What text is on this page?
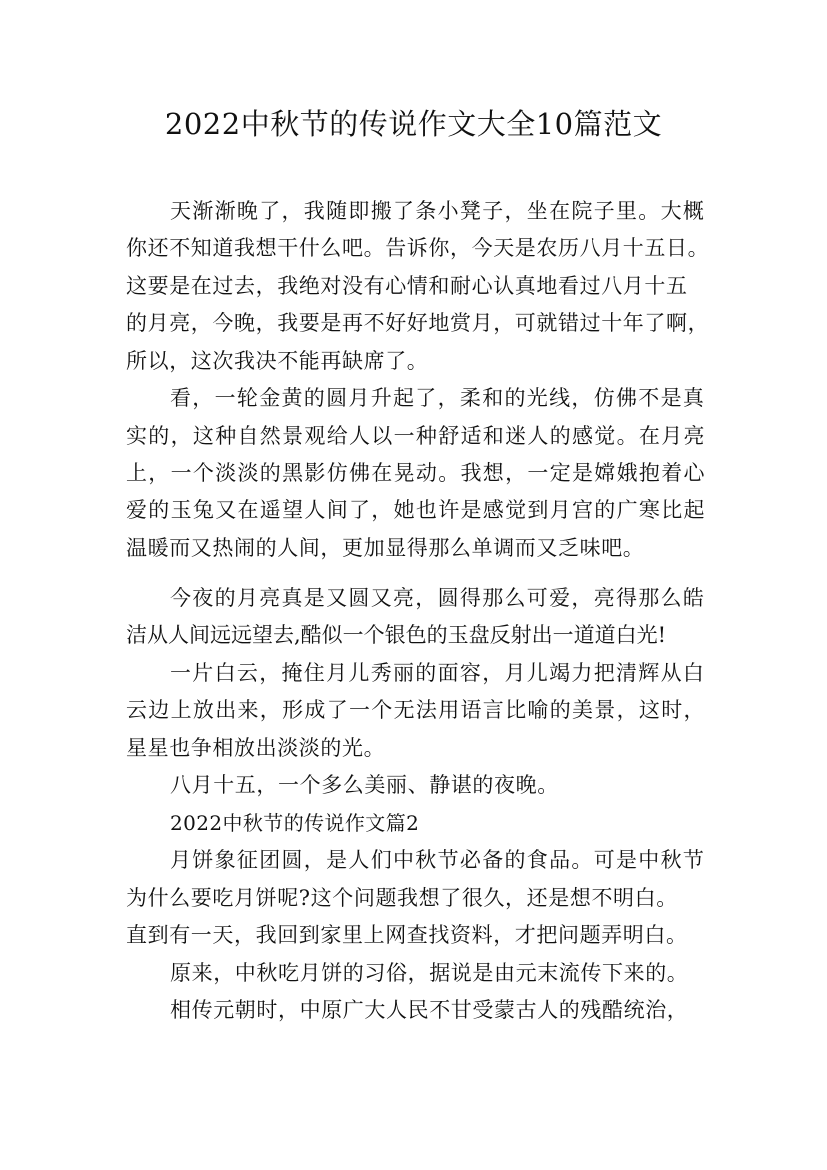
2022中秋节的传说作文大全10篇范文

天渐渐晚了，我随即搬了条小凳子，坐在院子里。大概

你还不知道我想干什么吧。告诉你，今天是农历八月十五日。

这要是在过去，我绝对没有心情和耐心认真地看过八月十五

的月亮，今晚，我要是再不好好地赏月，可就错过十年了啊，

所以，这次我决不能再缺席了。

看，一轮金黄的圆月升起了，柔和的光线，仿佛不是真

实的，这种自然景观给人以一种舒适和迷人的感觉。在月亮

上，一个淡淡的黑影仿佛在晃动。我想，一定是嫦娥抱着心

爱的玉兔又在遥望人间了，她也许是感觉到月宫的广寒比起

温暖而又热闹的人间，更加显得那么单调而又乏味吧。

今夜的月亮真是又圆又亮，圆得那么可爱，亮得那么皓

洁从人间远远望去,酷似一个银色的玉盘反射出一道道白光!

一片白云，掩住月儿秀丽的面容，月儿竭力把清辉从白

云边上放出来，形成了一个无法用语言比喻的美景，这时，

星星也争相放出淡淡的光。

八月十五，一个多么美丽、静谌的夜晚。

2022中秋节的传说作文篇2

月饼象征团圆，是人们中秋节必备的食品。可是中秋节

为什么要吃月饼呢?这个问题我想了很久，还是想不明白。

直到有一天，我回到家里上网查找资料，才把问题弄明白。

原来，中秋吃月饼的习俗，据说是由元末流传下来的。

相传元朝时，中原广大人民不甘受蒙古人的残酷统治，
